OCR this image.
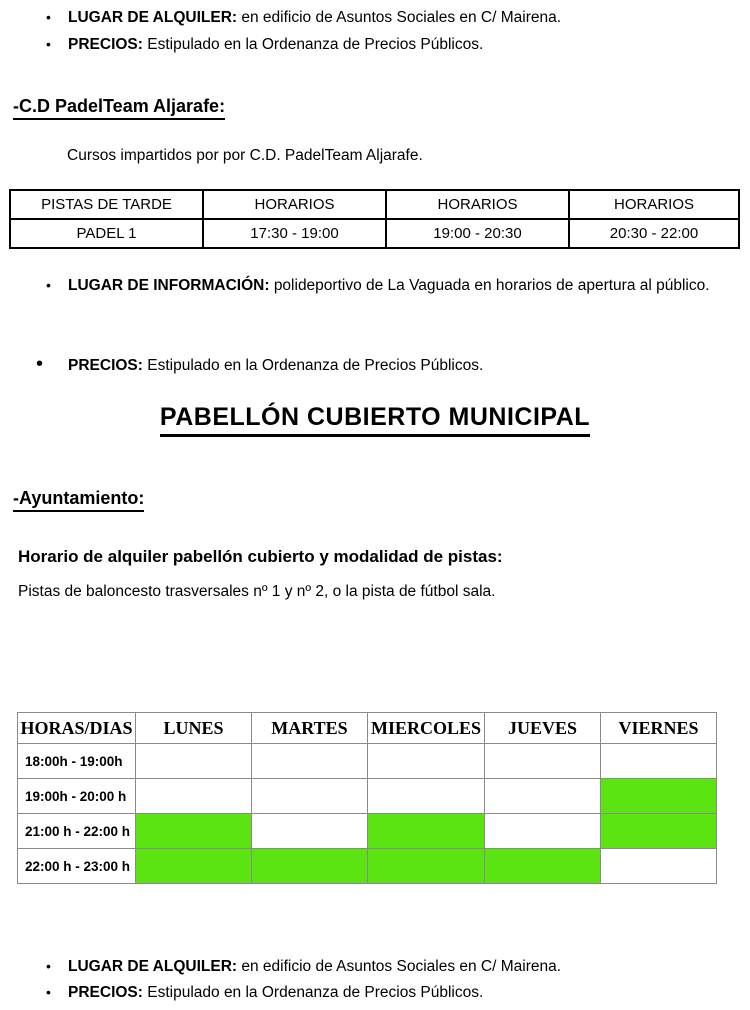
•	LUGAR DE ALQUILER: en edificio de Asuntos Sociales en C/ Mairena.
•	PRECIOS: Estipulado en la Ordenanza de Precios Públicos.
-C.D PadelTeam Aljarafe:
Cursos impartidos por por C.D. PadelTeam Aljarafe.
PISTAS DE TARDE	HORARIOS	HORARIOS	HORARIOS
PADEL 1	17:30 - 19:00	19:00 - 20:30	20:30 - 22:00
•	LUGAR DE INFORMACIÓN: polideportivo de La Vaguada en horarios de apertura al público.
•	PRECIOS: Estipulado en la Ordenanza de Precios Públicos.
PABELLÓN CUBIERTO MUNICIPAL
-Ayuntamiento:
Horario de alquiler pabellón cubierto y modalidad de pistas:
Pistas de baloncesto trasversales nº 1 y nº 2, o la pista de fútbol sala.
HORAS/DIAS	LUNES	MARTES	MIERCOLES	JUEVES	VIERNES
18:00h - 19:00h					
19:00h - 20:00 h					
21:00 h - 22:00 h					
22:00 h - 23:00 h					
•	LUGAR DE ALQUILER: en edificio de Asuntos Sociales en C/ Mairena.
•	PRECIOS: Estipulado en la Ordenanza de Precios Públicos.
